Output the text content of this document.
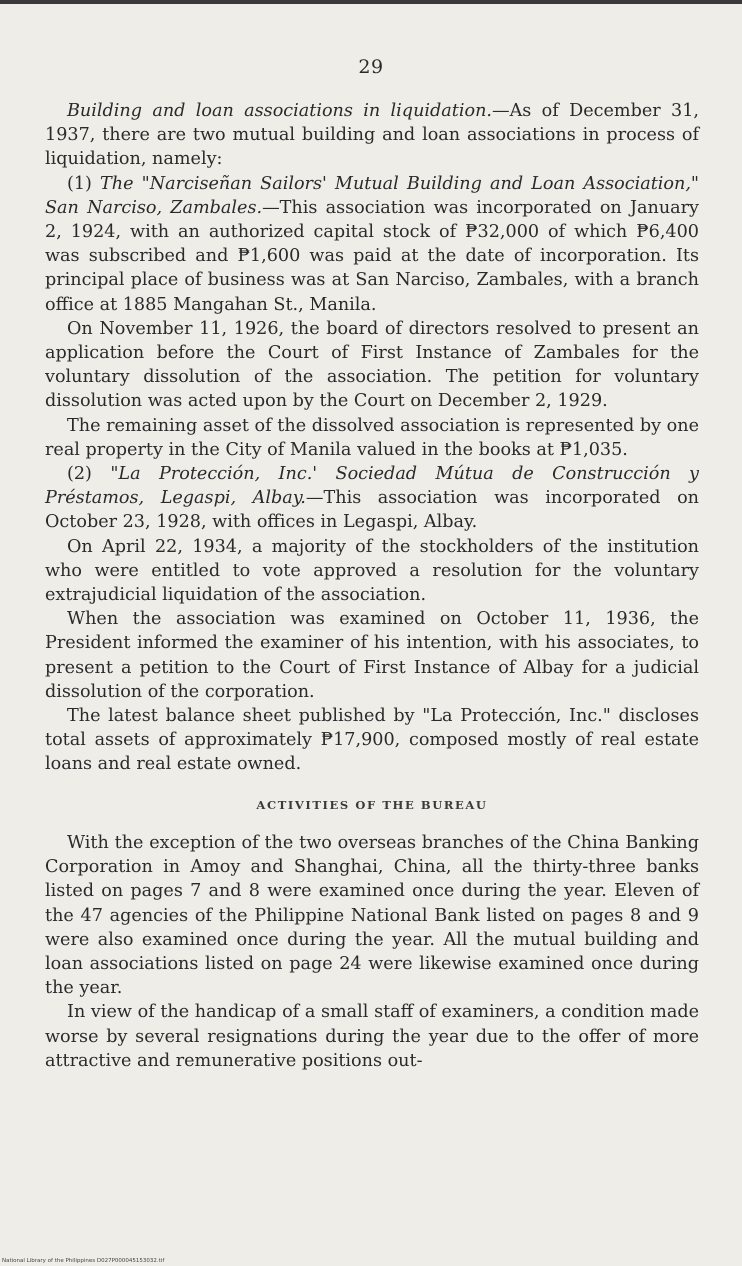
29

Building and loan associations in liquidation.—As of December 31, 1937, there are two mutual building and loan associations in process of liquidation, namely:

(1) The "Narciseñan Sailors' Mutual Building and Loan Association," San Narciso, Zambales.—This association was incorporated on January 2, 1924, with an authorized capital stock of ₱32,000 of which ₱6,400 was subscribed and ₱1,600 was paid at the date of incorporation. Its principal place of business was at San Narciso, Zambales, with a branch office at 1885 Mangahan St., Manila.

On November 11, 1926, the board of directors resolved to present an application before the Court of First Instance of Zambales for the voluntary dissolution of the association. The petition for voluntary dissolution was acted upon by the Court on December 2, 1929.

The remaining asset of the dissolved association is represented by one real property in the City of Manila valued in the books at ₱1,035.

(2) "La Protección, Inc.' Sociedad Mútua de Construcción y Préstamos, Legaspi, Albay.—This association was incorporated on October 23, 1928, with offices in Legaspi, Albay.

On April 22, 1934, a majority of the stockholders of the institution who were entitled to vote approved a resolution for the voluntary extrajudicial liquidation of the association.

When the association was examined on October 11, 1936, the President informed the examiner of his intention, with his associates, to present a petition to the Court of First Instance of Albay for a judicial dissolution of the corporation.

The latest balance sheet published by "La Protección, Inc." discloses total assets of approximately ₱17,900, composed mostly of real estate loans and real estate owned.

ACTIVITIES OF THE BUREAU

With the exception of the two overseas branches of the China Banking Corporation in Amoy and Shanghai, China, all the thirty-three banks listed on pages 7 and 8 were examined once during the year. Eleven of the 47 agencies of the Philippine National Bank listed on pages 8 and 9 were also examined once during the year. All the mutual building and loan associations listed on page 24 were likewise examined once during the year.

In view of the handicap of a small staff of examiners, a condition made worse by several resignations during the year due to the offer of more attractive and remunerative positions out-

National Library of the Philippines D027P000045153032.tif
